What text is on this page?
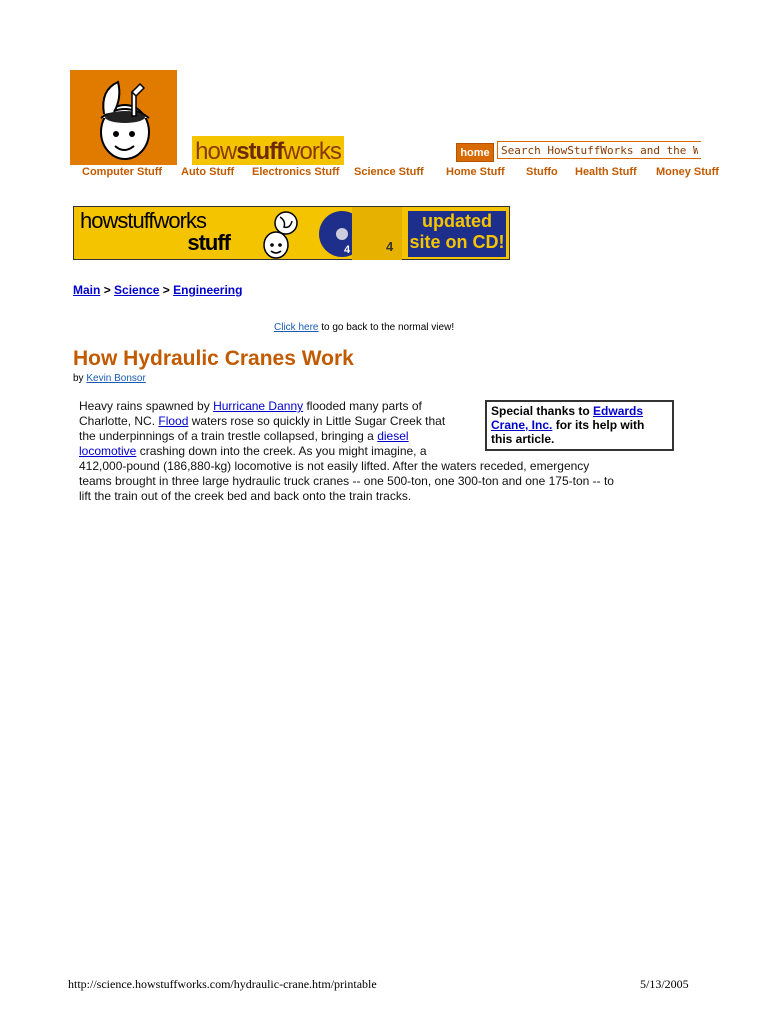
how stuff works	home
Search HowStuffWorks and the Web
Computer Stuff Auto Stuff Electronics Stuff Science Stuff Home Stuff Stuffo Health Stuff Money Stuff
howstuffworks
stuff	4	4
updated site on CD!
Main > Science > Engineering
Click here to go back to the normal view!
How Hydraulic Cranes Work
by Kevin Bonsor
Special thanks to Edwards Crane, Inc. for its help with this article.
Heavy rains spawned by Hurricane Danny flooded many parts of
Charlotte, NC. Flood waters rose so quickly in Little Sugar Creek that
the underpinnings of a train trestle collapsed, bringing a diesel
locomotive crashing down into the creek. As you might imagine, a
412,000-pound (186,880-kg) locomotive is not easily lifted. After the waters receded, emergency
teams brought in three large hydraulic truck cranes -- one 500-ton, one 300-ton and one 175-ton -- to
lift the train out of the creek bed and back onto the train tracks.
http://science.howstuffworks.com/hydraulic-crane.htm/printable	5/13/2005
